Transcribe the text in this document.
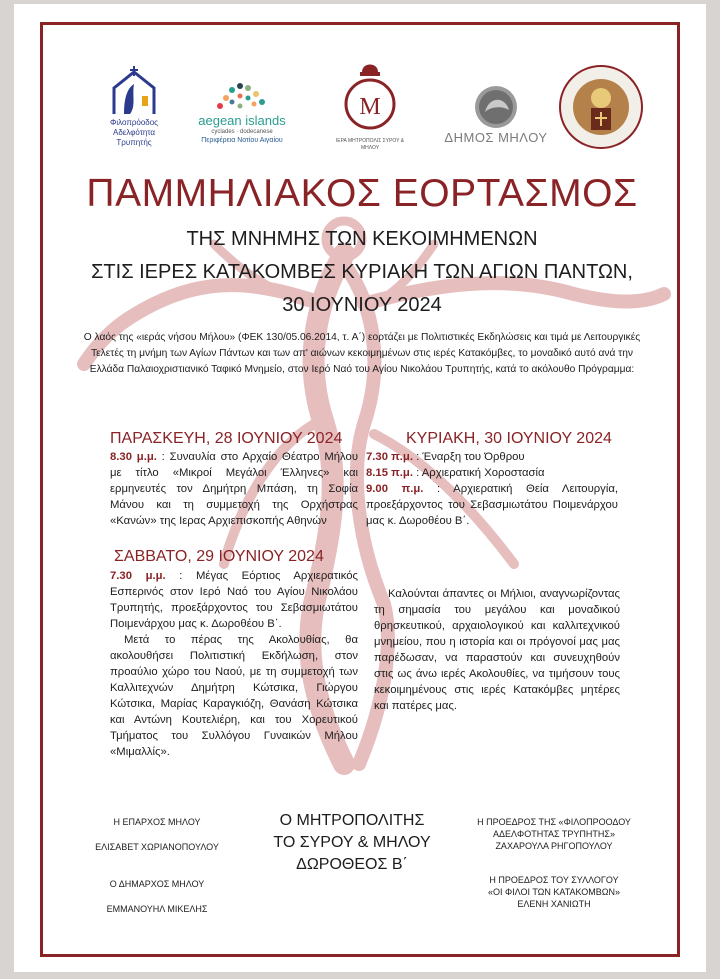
Φιλοπρόοδος
Αδελφότητα
Τρυπητής
aegean islands
cyclades · dodecanese
Περιφέρεια Νοτίου Αιγαίου
Μ
ΙΕΡΑ ΜΗΤΡΟΠΟΛΙΣ ΣΥΡΟΥ & ΜΗΛΟΥ
ΔΗΜΟΣ ΜΗΛΟΥ
ΠΑΜΜΗΛΙΑΚΟΣ ΕΟΡΤΑΣΜΟΣ
ΤΗΣ ΜΝΗΜΗΣ ΤΩΝ ΚΕΚΟΙΜΗΜΕΝΩΝ
ΣΤΙΣ ΙΕΡΕΣ ΚΑΤΑΚΟΜΒΕΣ ΚΥΡΙΑΚΗ ΤΩΝ ΑΓΙΩΝ ΠΑΝΤΩΝ,
30 ΙΟΥΝΙΟΥ 2024
Ο λαός της «ιεράς νήσου Μήλου» (ΦΕΚ 130/05.06.2014, τ. Α΄) εορτάζει με Πολιτιστικές Εκδηλώσεις και τιμά με Λειτουργικές Τελετές τη μνήμη των Αγίων Πάντων και των απ' αιώνων κεκοιμημένων στις ιερές Κατακόμβες, το μοναδικό αυτό ανά την Ελλάδα Παλαιοχριστιανικό Ταφικό Μνημείο, στον Ιερό Ναό του Αγίου Νικολάου Τρυπητής, κατά το ακόλουθο Πρόγραμμα:
ΠΑΡΑΣΚΕΥΗ, 28 ΙΟΥΝΙΟΥ 2024
8.30 μ.μ. : Συναυλία στο Αρχαίο Θέατρο Μήλου με τίτλο «Μικροί Μεγάλοι Έλληνες» και ερμηνευτές τον Δημήτρη Μπάση, τη Σοφία Μάνου και τη συμμετοχή της Ορχήστρας «Κανών» της Ιερας Αρχιεπισκοπής Αθηνών
ΚΥΡΙΑΚΗ, 30 ΙΟΥΝΙΟΥ 2024
7.30 π.μ. : Έναρξη του Όρθρου
8.15 π.μ. : Αρχιερατική Χοροστασία
9.00 π.μ. : Αρχιερατική Θεία Λειτουργία, προεξάρχοντος του Σεβασμιωτάτου Ποιμενάρχου μας κ. Δωροθέου Β΄.
ΣΑΒΒΑΤΟ, 29 ΙΟΥΝΙΟΥ 2024
7.30 μ.μ. : Μέγας Εόρτιος Αρχιερατικός Εσπερινός στον Ιερό Ναό του Αγίου Νικολάου Τρυπητής, προεξάρχοντος του Σεβασμιωτάτου Ποιμενάρχου μας κ. Δωροθέου Β΄.
Μετά το πέρας της Ακολουθίας, θα ακολουθήσει Πολιτιστική Εκδήλωση, στον προαύλιο χώρο του Ναού, με τη συμμετοχή των Καλλιτεχνών Δημήτρη Κώτσικα, Γιώργου Κώτσικα, Μαρίας Καραγκιόζη, Θανάση Κώτσικα και Αντώνη Κουτελιέρη, και του Χορευτικού Τμήματος του Συλλόγου Γυναικών Μήλου «Μιμαλλίς».
Καλούνται άπαντες οι Μήλιοι, αναγνωρίζοντας τη σημασία του μεγάλου και μοναδικού θρησκευτικού, αρχαιολογικού και καλλιτεχνικού μνημείου, που η ιστορία και οι πρόγονοί μας μας παρέδωσαν, να παραστούν και συνευχηθούν στις ως άνω ιερές Ακολουθίες, να τιμήσουν τους κεκοιμημένους στις ιερές Κατακόμβες μητέρες και πατέρες μας.
Η ΕΠΑΡΧΟΣ ΜΗΛΟΥ
ΕΛΙΣΑΒΕΤ ΧΩΡΙΑΝΟΠΟΥΛΟΥ
Ο ΔΗΜΑΡΧΟΣ ΜΗΛΟΥ
ΕΜΜΑΝΟΥΗΛ ΜΙΚΕΛΗΣ
Ο ΜΗΤΡΟΠΟΛΙΤΗΣ
ΤΟ ΣΥΡΟΥ & ΜΗΛΟΥ
ΔΩΡΟΘΕΟΣ Β΄
Η ΠΡΟΕΔΡΟΣ ΤΗΣ «ΦΙΛΟΠΡΟΟΔΟΥ
ΑΔΕΛΦΟΤΗΤΑΣ ΤΡΥΠΗΤΗΣ»
ΖΑΧΑΡΟΥΛΑ ΡΗΓΟΠΟΥΛΟΥ
Η ΠΡΟΕΔΡΟΣ ΤΟΥ ΣΥΛΛΟΓΟΥ
«ΟΙ ΦΙΛΟΙ ΤΩΝ ΚΑΤΑΚΟΜΒΩΝ»
ΕΛΕΝΗ ΧΑΝΙΩΤΗ
